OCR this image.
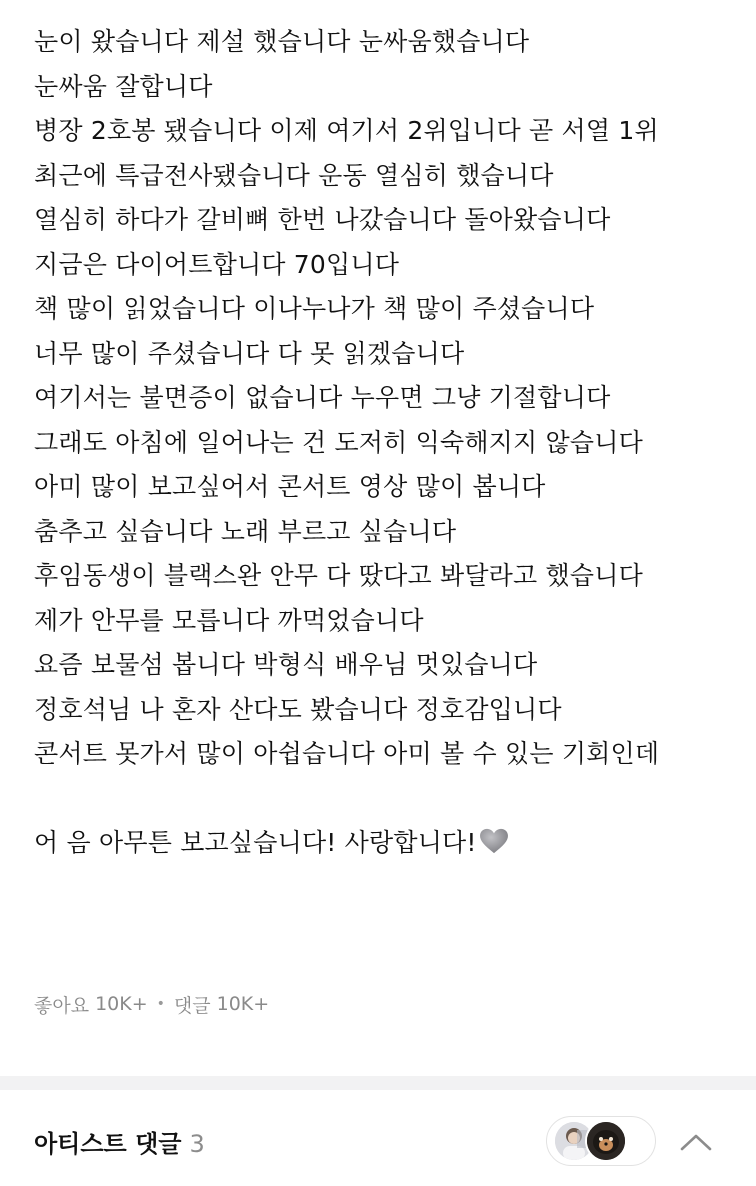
눈이 왔습니다 제설 했습니다 눈싸움했습니다
눈싸움 잘합니다
병장 2호봉 됐습니다 이제 여기서 2위입니다 곧 서열 1위
최근에 특급전사됐습니다 운동 열심히 했습니다
열심히 하다가 갈비뼈 한번 나갔습니다 돌아왔습니다
지금은 다이어트합니다 70입니다
책 많이 읽었습니다 이나누나가 책 많이 주셨습니다
너무 많이 주셨습니다 다 못 읽겠습니다
여기서는 불면증이 없습니다 누우면 그냥 기절합니다
그래도 아침에 일어나는 건 도저히 익숙해지지 않습니다
아미 많이 보고싶어서 콘서트 영상 많이 봅니다
춤추고 싶습니다 노래 부르고 싶습니다
후임동생이 블랙스완 안무 다 땄다고 봐달라고 했습니다
제가 안무를 모릅니다 까먹었습니다
요즘 보물섬 봅니다 박형식 배우님 멋있습니다
정호석님 나 혼자 산다도 봤습니다 정호감입니다
콘서트 못가서 많이 아쉽습니다 아미 볼 수 있는 기회인데
어 음 아무튼 보고싶습니다! 사랑합니다!
좋아요 10K+ • 댓글 10K+
아티스트 댓글 3
